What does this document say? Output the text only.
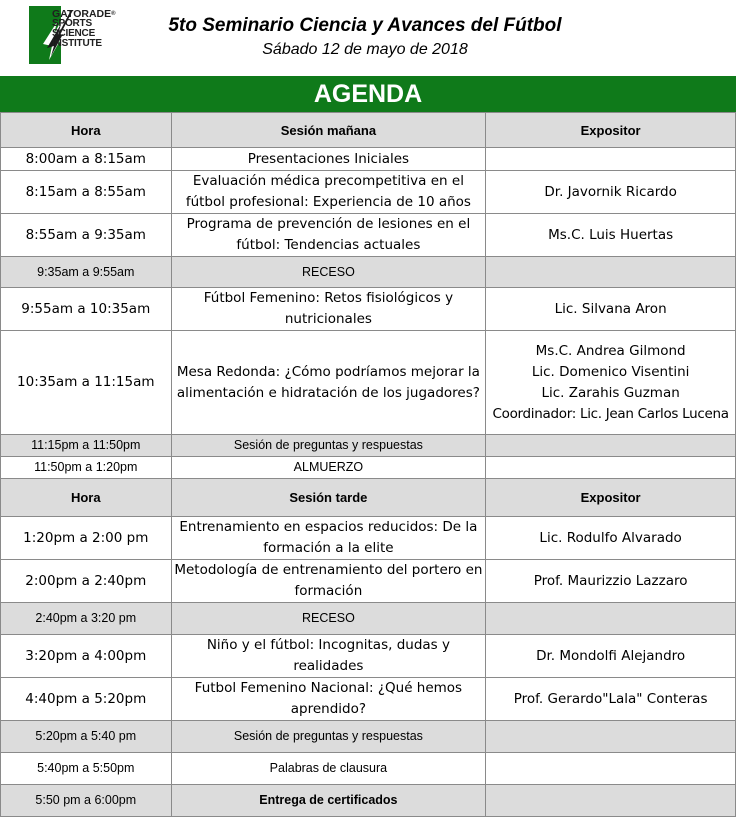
GATORADE®
SPORTS
SCIENCE
INSTITUTE
5to Seminario Ciencia y Avances del Fútbol
Sábado 12 de mayo de 2018
AGENDA
Hora	Sesión mañana	Expositor
8:00am a 8:15am	Presentaciones Iniciales	
8:15am a 8:55am	Evaluación médica precompetitiva en el fútbol profesional: Experiencia de 10 años	Dr. Javornik Ricardo
8:55am a 9:35am	Programa de prevención de lesiones en el fútbol: Tendencias actuales	Ms.C. Luis Huertas
9:35am a 9:55am	RECESO	
9:55am a 10:35am	Fútbol Femenino: Retos fisiológicos y nutricionales	Lic. Silvana Aron
10:35am a 11:15am	Mesa Redonda: ¿Cómo podríamos mejorar la alimentación e hidratación de los jugadores?	Ms.C. Andrea Gilmond
Lic. Domenico Visentini
Lic. Zarahis Guzman
Coordinador: Lic. Jean Carlos Lucena

11:15pm a 11:50pm	Sesión de preguntas y respuestas	
11:50pm a 1:20pm	ALMUERZO	
Hora	Sesión tarde	Expositor
1:20pm a 2:00 pm	Entrenamiento en espacios reducidos: De la formación a la elite	Lic. Rodulfo Alvarado
2:00pm a 2:40pm	Metodología de entrenamiento del portero en formación	Prof. Maurizzio Lazzaro
2:40pm a 3:20 pm	RECESO	
3:20pm a 4:00pm	Niño y el fútbol: Incognitas, dudas y realidades	Dr. Mondolfi Alejandro
4:40pm a 5:20pm	Futbol Femenino Nacional: ¿Qué hemos aprendido?	Prof. Gerardo"Lala" Conteras
5:20pm a 5:40 pm	Sesión de preguntas y respuestas	
5:40pm a 5:50pm	Palabras de clausura	
5:50 pm a 6:00pm	Entrega de certificados	
